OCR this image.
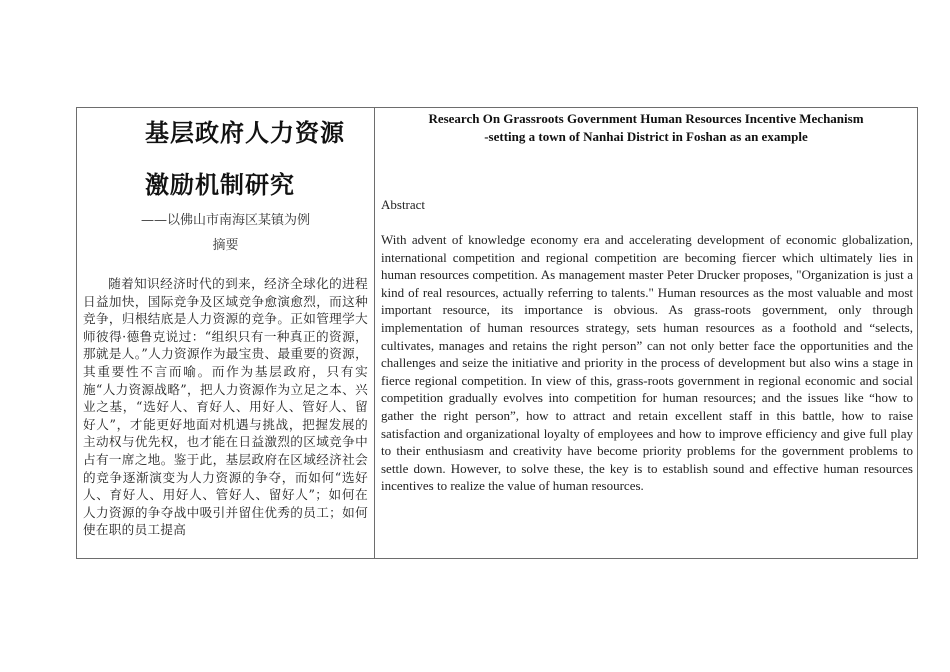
基层政府人力资源
激励机制研究
——以佛山市南海区某镇为例
摘要

随着知识经济时代的到来，经济全球化的进程日益加快，国际竞争及区域竞争愈演愈烈，而这种竞争，归根结底是人力资源的竞争。正如管理学大师彼得·德鲁克说过：“组织只有一种真正的资源，那就是人。”人力资源作为最宝贵、最重要的资源，其重要性不言而喻。而作为基层政府，只有实施“人力资源战略”，把人力资源作为立足之本、兴业之基，“选好人、育好人、用好人、管好人、留好人”，才能更好地面对机遇与挑战，把握发展的主动权与优先权，也才能在日益激烈的区域竞争中占有一席之地。鉴于此，基层政府在区域经济社会的竞争逐渐演变为人力资源的争夺，而如何“选好人、育好人、用好人、管好人、留好人”；如何在人力资源的争夺战中吸引并留住优秀的员工；如何使在职的员工提高

Research On Grassroots Government Human Resources Incentive Mechanism
-setting a town of Nanhai District in Foshan as an example
Abstract

With advent of knowledge economy era and accelerating development of economic globalization, international competition and regional competition are becoming fiercer which ultimately lies in human resources competition. As management master Peter Drucker proposes, "Organization is just a kind of real resources, actually referring to talents." Human resources as the most valuable and most important resource, its importance is obvious. As grass-roots government, only through implementation of human resources strategy, sets human resources as a foothold and “selects, cultivates, manages and retains the right person” can not only better face the opportunities and the challenges and seize the initiative and priority in the process of development but also wins a stage in fierce regional competition. In view of this, grass-roots government in regional economic and social competition gradually evolves into competition for human resources; and the issues like “how to gather the right person”, how to attract and retain excellent staff in this battle, how to raise satisfaction and organizational loyalty of employees and how to improve efficiency and give full play to their enthusiasm and creativity have become priority problems for the government problems to settle down. However, to solve these, the key is to establish sound and effective human resources incentives to realize the value of human resources.
